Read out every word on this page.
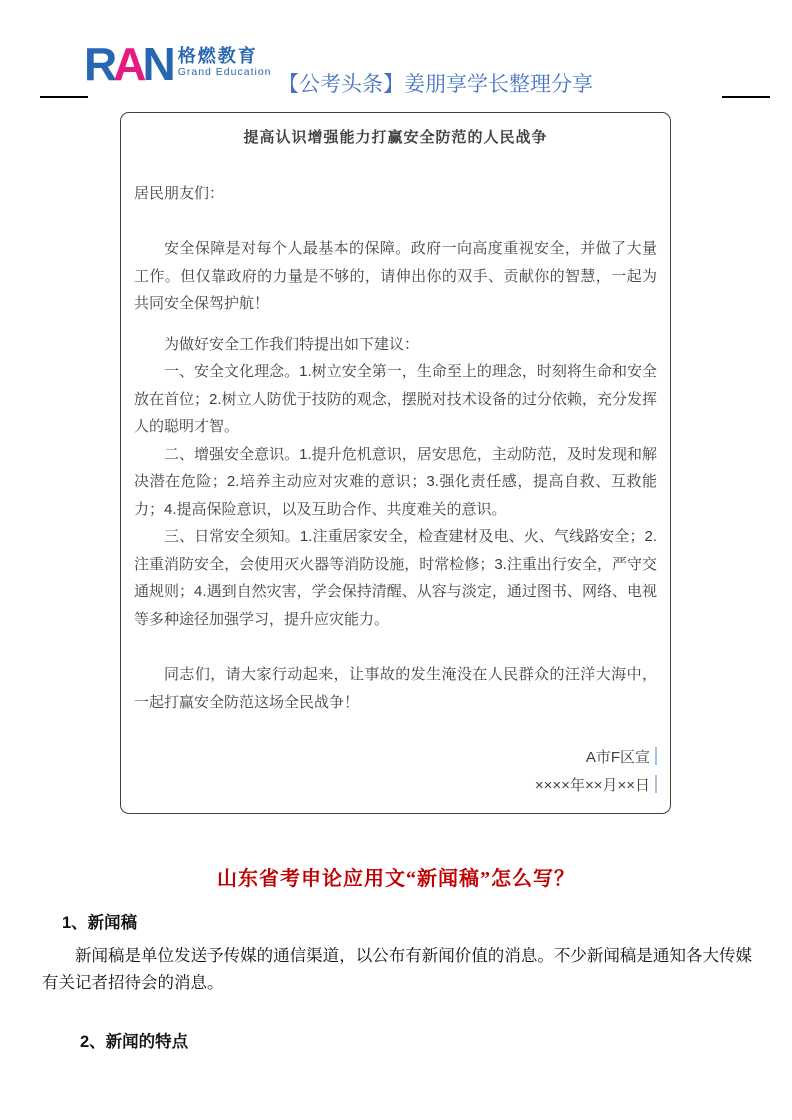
RAN 格燃教育
Grand Education 【公考头条】姜朋享学长整理分享
提高认识增强能力打赢安全防范的人民战争
居民朋友们：
安全保障是对每个人最基本的保障。政府一向高度重视安全，并做了大量工作。但仅靠政府的力量是不够的，请伸出你的双手、贡献你的智慧，一起为共同安全保驾护航！
为做好安全工作我们特提出如下建议：
一、安全文化理念。1.树立安全第一，生命至上的理念，时刻将生命和安全放在首位；2.树立人防优于技防的观念，摆脱对技术设备的过分依赖，充分发挥人的聪明才智。
二、增强安全意识。1.提升危机意识，居安思危，主动防范，及时发现和解决潜在危险；2.培养主动应对灾难的意识；3.强化责任感，提高自救、互救能力；4.提高保险意识，以及互助合作、共度难关的意识。
三、日常安全须知。1.注重居家安全，检查建材及电、火、气线路安全；2.注重消防安全，会使用灭火器等消防设施，时常检修；3.注重出行安全，严守交通规则；4.遇到自然灾害，学会保持清醒、从容与淡定，通过图书、网络、电视等多种途径加强学习，提升应灾能力。
同志们，请大家行动起来，让事故的发生淹没在人民群众的汪洋大海中，一起打赢安全防范这场全民战争！
A市F区宣
××××年××月××日
山东省考申论应用文“新闻稿”怎么写？
1、新闻稿
新闻稿是单位发送予传媒的通信渠道，以公布有新闻价值的消息。不少新闻稿是通知各大传媒有关记者招待会的消息。
2、新闻的特点
